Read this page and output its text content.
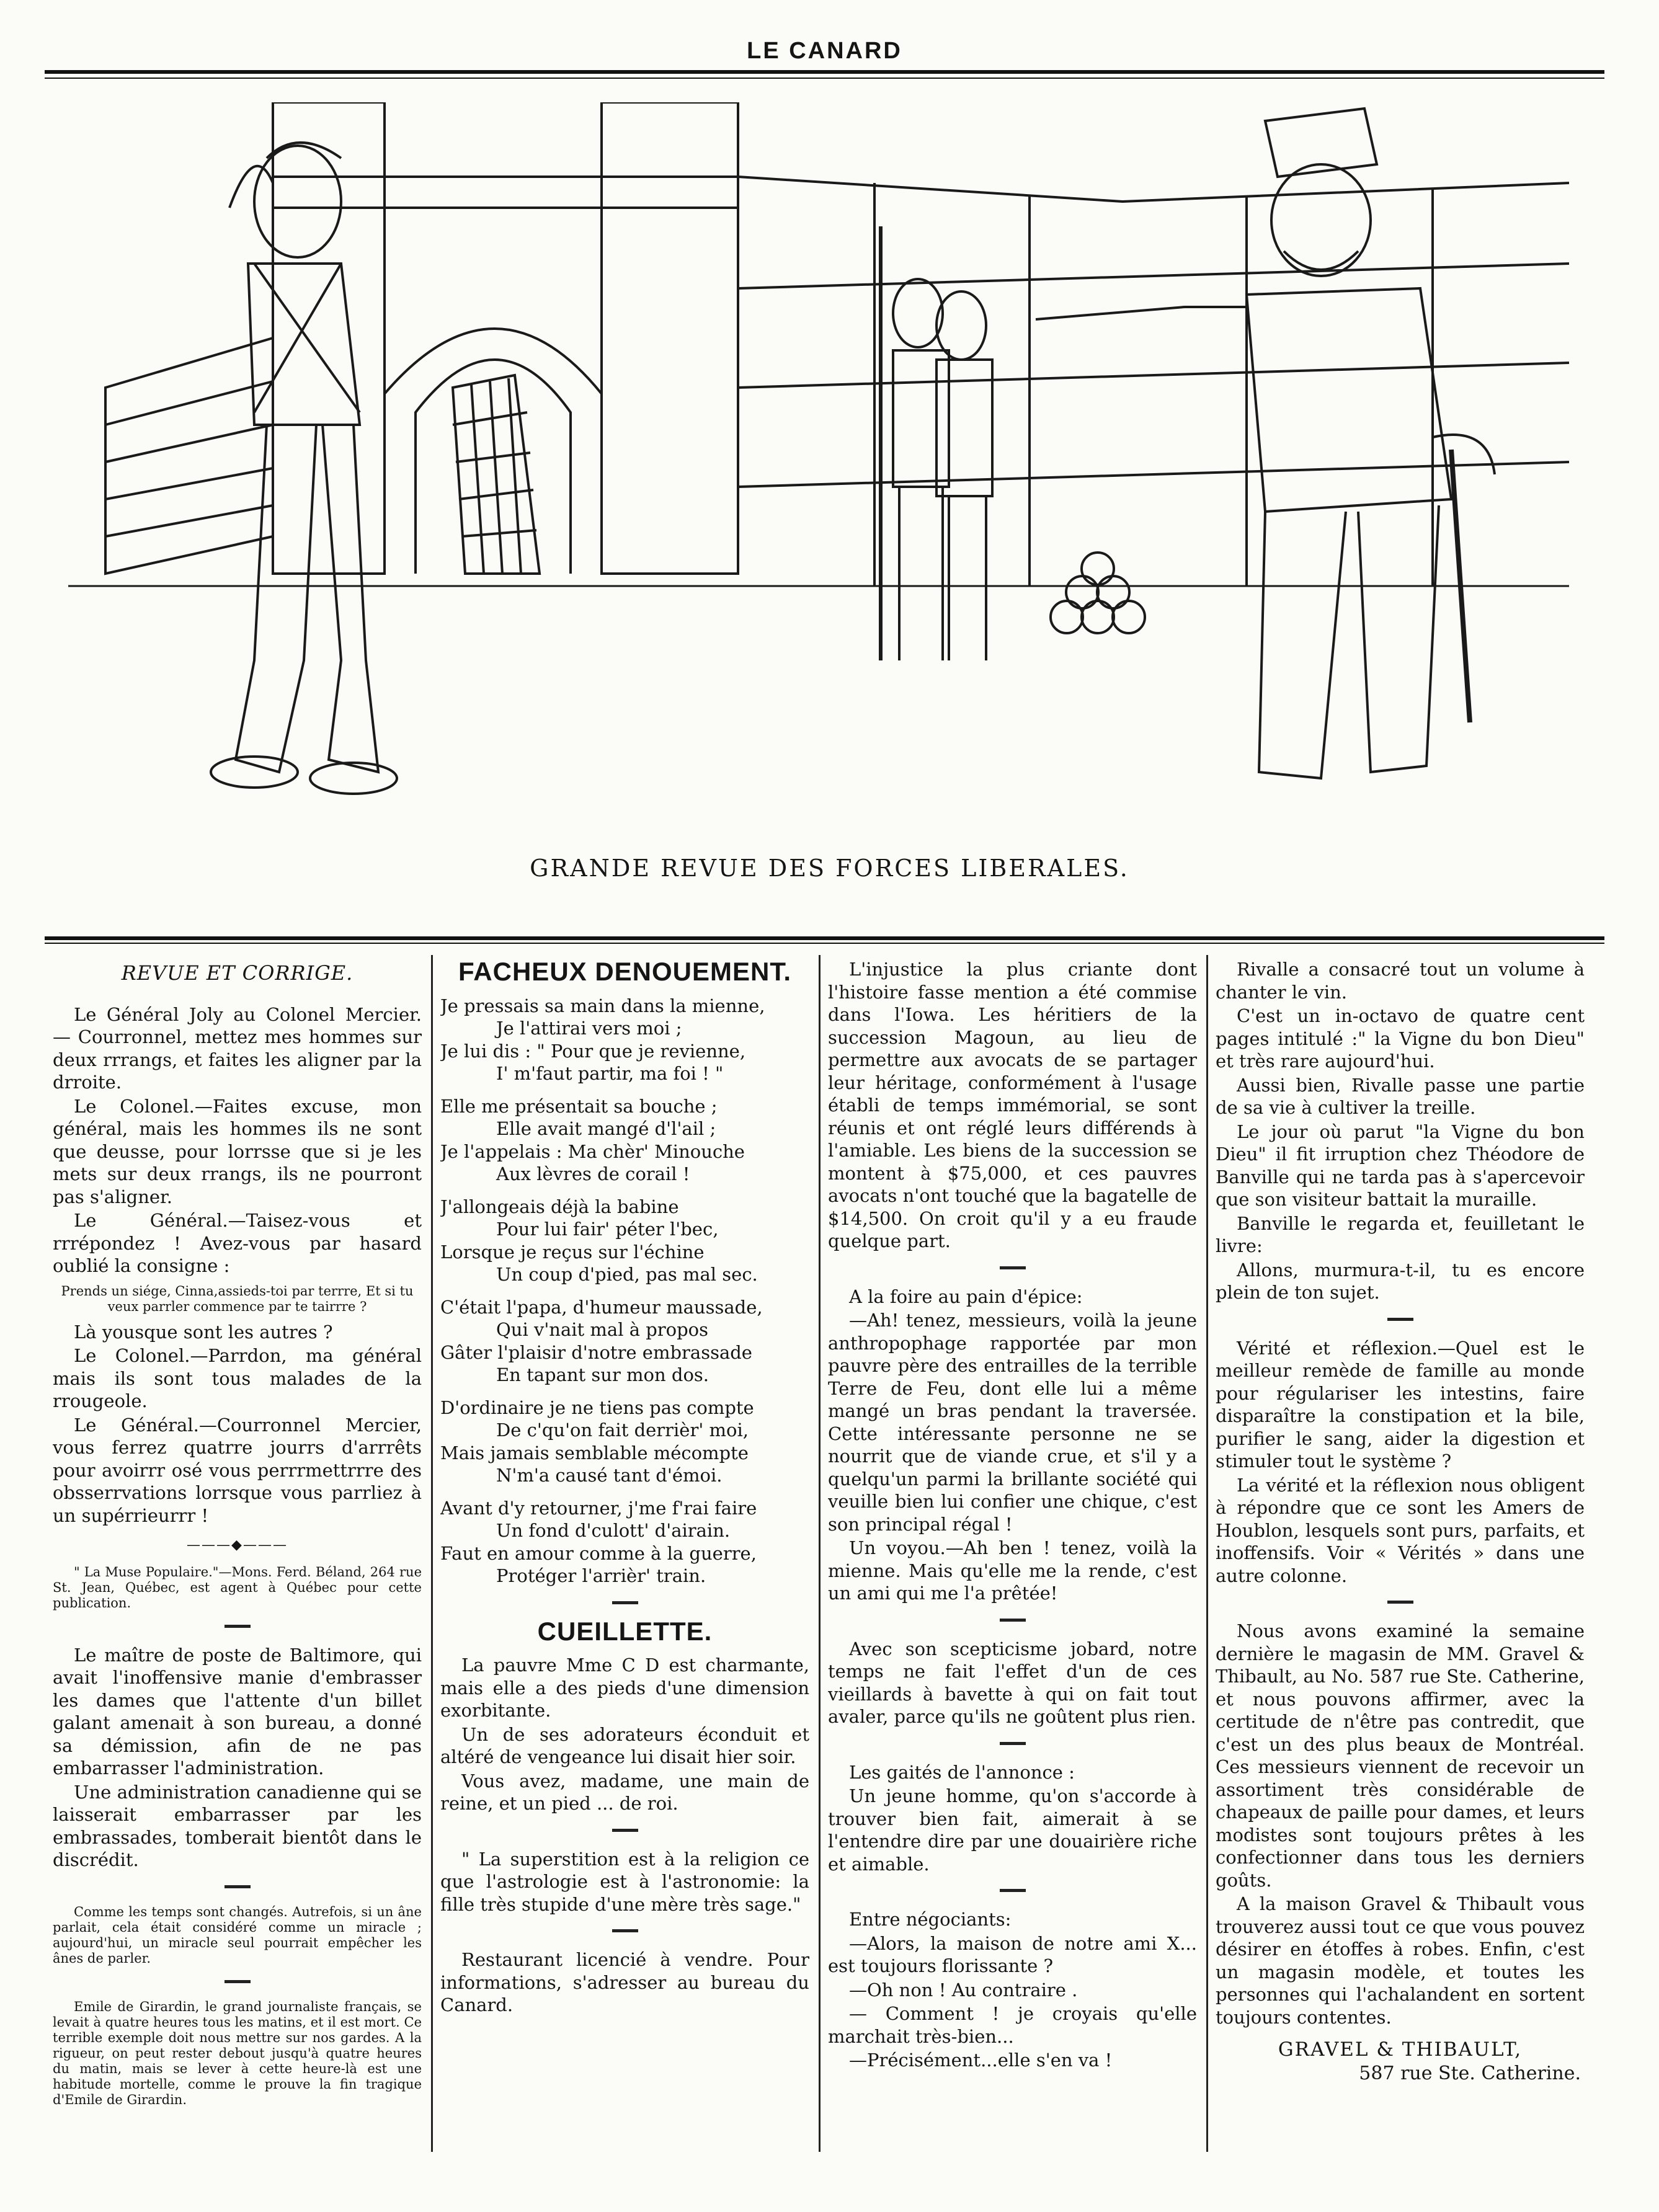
LE CANARD
GRANDE REVUE DES FORCES LIBERALES.

REVUE ET CORRIGE.

Le Général Joly au Colonel Mercier. — Courronnel, mettez mes hommes sur deux rrrangs, et faites les aligner par la drroite.

Le Colonel.—Faites excuse, mon général, mais les hommes ils ne sont que deusse, pour lorrsse que si je les mets sur deux rrangs, ils ne pourront pas s'aligner.

Le Général.—Taisez-vous et rrrépondez ! Avez-vous par hasard oublié la consigne :

Prends un siége, Cinna,assieds-toi par terrre, Et si tu veux parrler commence par te tairrre ?

Là yousque sont les autres ?

Le Colonel.—Parrdon, ma général mais ils sont tous malades de la rrougeole.

Le Général.—Courronnel Mercier, vous ferrez quatrre jourrs d'arrrêts pour avoirrr osé vous perrrmettrrre des obsserrvations lorrsque vous parrliez à un supérrieurrr !

———◆———

" La Muse Populaire."—Mons. Ferd. Béland, 264 rue St. Jean, Québec, est agent à Québec pour cette publication.

Le maître de poste de Baltimore, qui avait l'inoffensive manie d'embrasser les dames que l'attente d'un billet galant amenait à son bureau, a donné sa démission, afin de ne pas embarrasser l'administration.

Une administration canadienne qui se laisserait embarrasser par les embrassades, tomberait bientôt dans le discrédit.

Comme les temps sont changés. Autrefois, si un âne parlait, cela était considéré comme un miracle ; aujourd'hui, un miracle seul pourrait empêcher les ânes de parler.

Emile de Girardin, le grand journaliste français, se levait à quatre heures tous les matins, et il est mort. Ce terrible exemple doit nous mettre sur nos gardes. A la rigueur, on peut rester debout jusqu'à quatre heures du matin, mais se lever à cette heure-là est une habitude mortelle, comme le prouve la fin tragique d'Emile de Girardin.

FACHEUX DENOUEMENT.

Je pressais sa main dans la mienne,
Je l'attirai vers moi ;
Je lui dis : " Pour que je revienne,
I' m'faut partir, ma foi ! "
Elle me présentait sa bouche ;
Elle avait mangé d'l'ail ;
Je l'appelais : Ma chèr' Minouche
Aux lèvres de corail !
J'allongeais déjà la babine
Pour lui fair' péter l'bec,
Lorsque je reçus sur l'échine
Un coup d'pied, pas mal sec.
C'était l'papa, d'humeur maussade,
Qui v'nait mal à propos
Gâter l'plaisir d'notre embrassade
En tapant sur mon dos.
D'ordinaire je ne tiens pas compte
De c'qu'on fait derrièr' moi,
Mais jamais semblable mécompte
N'm'a causé tant d'émoi.
Avant d'y retourner, j'me f'rai faire
Un fond d'culott' d'airain.
Faut en amour comme à la guerre,
Protéger l'arrièr' train.

CUEILLETTE.

La pauvre Mme C D est charmante, mais elle a des pieds d'une dimension exorbitante.

Un de ses adorateurs éconduit et altéré de vengeance lui disait hier soir.

Vous avez, madame, une main de reine, et un pied ... de roi.

" La superstition est à la religion ce que l'astrologie est à l'astronomie: la fille très stupide d'une mère très sage."

Restaurant licencié à vendre. Pour informations, s'adresser au bureau du Canard.

L'injustice la plus criante dont l'histoire fasse mention a été commise dans l'Iowa. Les héritiers de la succession Magoun, au lieu de permettre aux avocats de se partager leur héritage, conformément à l'usage établi de temps immémorial, se sont réunis et ont réglé leurs différends à l'amiable. Les biens de la succession se montent à $75,000, et ces pauvres avocats n'ont touché que la bagatelle de $14,500. On croit qu'il y a eu fraude quelque part.

A la foire au pain d'épice:

—Ah! tenez, messieurs, voilà la jeune anthropophage rapportée par mon pauvre père des entrailles de la terrible Terre de Feu, dont elle lui a même mangé un bras pendant la traversée. Cette intéressante personne ne se nourrit que de viande crue, et s'il y a quelqu'un parmi la brillante société qui veuille bien lui confier une chique, c'est son principal régal !

Un voyou.—Ah ben ! tenez, voilà la mienne. Mais qu'elle me la rende, c'est un ami qui me l'a prêtée!

Avec son scepticisme jobard, notre temps ne fait l'effet d'un de ces vieillards à bavette à qui on fait tout avaler, parce qu'ils ne goûtent plus rien.

Les gaités de l'annonce :

Un jeune homme, qu'on s'accorde à trouver bien fait, aimerait à se l'entendre dire par une douairière riche et aimable.

Entre négociants:

—Alors, la maison de notre ami X... est toujours florissante ?

—Oh non ! Au contraire .

— Comment ! je croyais qu'elle marchait très-bien...

—Précisément...elle s'en va !

Rivalle a consacré tout un volume à chanter le vin.

C'est un in-octavo de quatre cent pages intitulé :" la Vigne du bon Dieu" et très rare aujourd'hui.

Aussi bien, Rivalle passe une partie de sa vie à cultiver la treille.

Le jour où parut "la Vigne du bon Dieu" il fit irruption chez Théodore de Banville qui ne tarda pas à s'apercevoir que son visiteur battait la muraille.

Banville le regarda et, feuilletant le livre:

Allons, murmura-t-il, tu es encore plein de ton sujet.

Vérité et réflexion.—Quel est le meilleur remède de famille au monde pour régulariser les intestins, faire disparaître la constipation et la bile, purifier le sang, aider la digestion et stimuler tout le système ?

La vérité et la réflexion nous obligent à répondre que ce sont les Amers de Houblon, lesquels sont purs, parfaits, et inoffensifs. Voir « Vérités » dans une autre colonne.

Nous avons examiné la semaine dernière le magasin de MM. Gravel & Thibault, au No. 587 rue Ste. Catherine, et nous pouvons affirmer, avec la certitude de n'être pas contredit, que c'est un des plus beaux de Montréal. Ces messieurs viennent de recevoir un assortiment très considérable de chapeaux de paille pour dames, et leurs modistes sont toujours prêtes à les confectionner dans tous les derniers goûts.

A la maison Gravel & Thibault vous trouverez aussi tout ce que vous pouvez désirer en étoffes à robes. Enfin, c'est un magasin modèle, et toutes les personnes qui l'achalandent en sortent toujours contentes.

GRAVEL & THIBAULT,

587 rue Ste. Catherine.
